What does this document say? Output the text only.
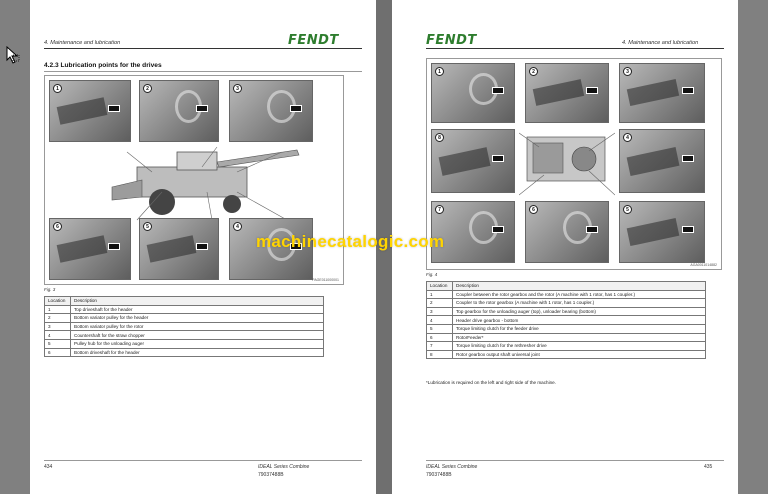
4. Maintenance and lubrication	FENDT
4.2.3 Lubrication points for the drives
1	2	3
6	5	4
PAGE011000001
Fig. 3
Location	Description
1	Top driveshaft for the header
2	Bottom variator pulley for the header
3	Bottom variator pulley for the rotor
4	Countershaft for the straw chopper
5	Pulley hub for the unloading auger
6	Bottom driveshaft for the header
434	IDEAL Series Combine
79037488B
FENDT	4. Maintenance and lubrication
1	2	3
8	4
7	6	5
AGA0011014882
Fig. 4
Location	Description
1	Coupler between the rotor gearbox and the rotor (A machine with 1 rotor, has 1 coupler.)
2	Coupler to the rotor gearbox (A machine with 1 rotor, has 1 coupler.)
3	Top gearbox for the unloading auger (top), unloader bearing (bottom)
4	Header drive gearbox - bottom
5	Torque limiting clutch for the feeder drive
6	RotorFeeder*
7	Torque limiting clutch for the rethresher drive
8	Rotor gearbox output shaft universal joint
*Lubrication is required on the left and right side of the machine.
IDEAL Series Combine
79037488B
435
machinecatalogic.com
